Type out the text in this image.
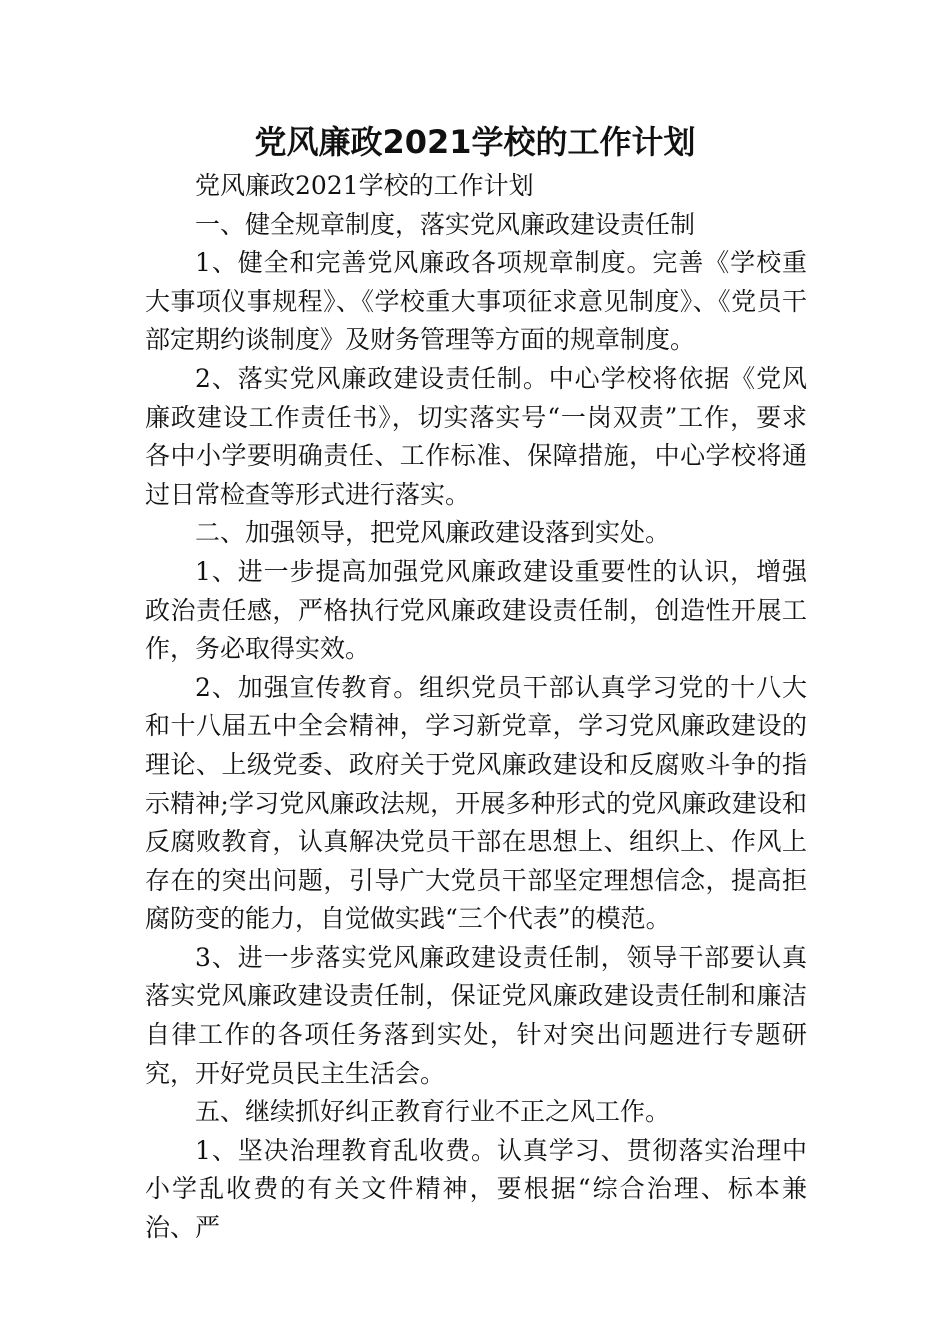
党风廉政2021学校的工作计划

党风廉政2021学校的工作计划

一、健全规章制度，落实党风廉政建设责任制

1、健全和完善党风廉政各项规章制度。完善《学校重大事项仪事规程》、《学校重大事项征求意见制度》、《党员干部定期约谈制度》及财务管理等方面的规章制度。

2、落实党风廉政建设责任制。中心学校将依据《党风廉政建设工作责任书》，切实落实号“一岗双责”工作，要求各中小学要明确责任、工作标准、保障措施，中心学校将通过日常检查等形式进行落实。

二、加强领导，把党风廉政建设落到实处。

1、进一步提高加强党风廉政建设重要性的认识，增强政治责任感，严格执行党风廉政建设责任制，创造性开展工作，务必取得实效。

2、加强宣传教育。组织党员干部认真学习党的十八大和十八届五中全会精神，学习新党章，学习党风廉政建设的理论、上级党委、政府关于党风廉政建设和反腐败斗争的指示精神;学习党风廉政法规，开展多种形式的党风廉政建设和反腐败教育，认真解决党员干部在思想上、组织上、作风上存在的突出问题，引导广大党员干部坚定理想信念，提高拒腐防变的能力，自觉做实践“三个代表”的模范。

3、进一步落实党风廉政建设责任制，领导干部要认真落实党风廉政建设责任制，保证党风廉政建设责任制和廉洁自律工作的各项任务落到实处，针对突出问题进行专题研究，开好党员民主生活会。

五、继续抓好纠正教育行业不正之风工作。

1、坚决治理教育乱收费。认真学习、贯彻落实治理中小学乱收费的有关文件精神，要根据“综合治理、标本兼治、严
